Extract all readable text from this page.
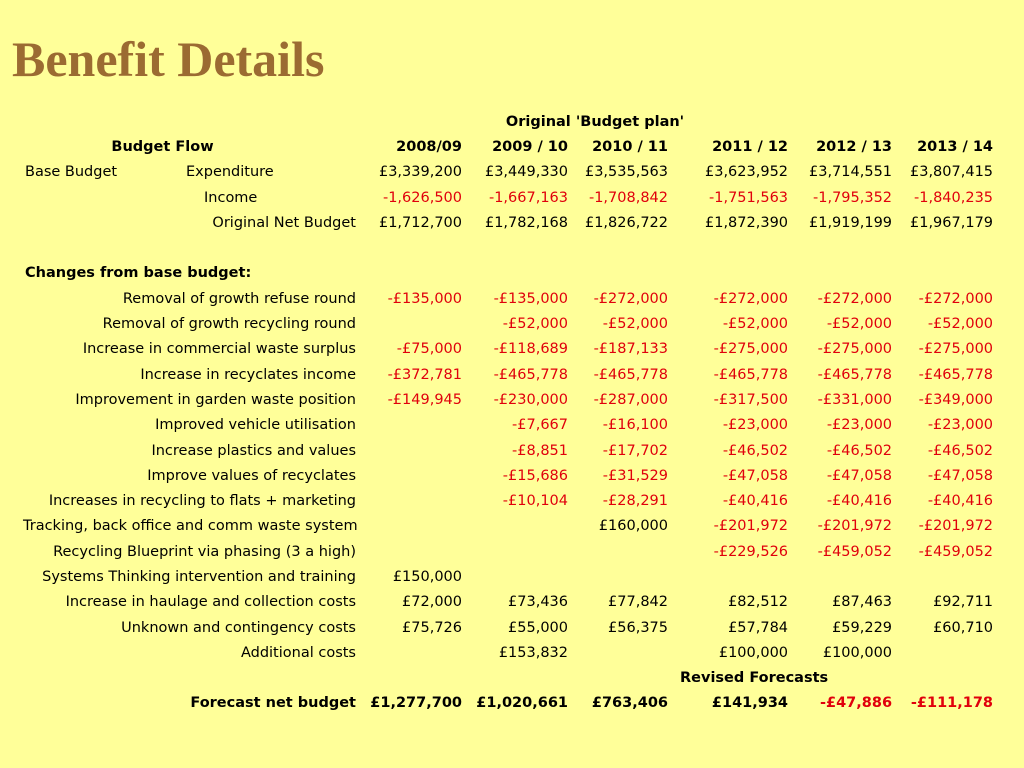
Benefit Details
		Original 'Budget plan'					
Budget Flow		2008/09	2009 / 10	2010 / 11	2011 / 12	2012 / 13	2013 / 14
Base Budget	Expenditure	£3,339,200	£3,449,330	£3,535,563	£3,623,952	£3,714,551	£3,807,415
	Income	-1,626,500	-1,667,163	-1,708,842	-1,751,563	-1,795,352	-1,840,235
Original Net Budget		£1,712,700	£1,782,168	£1,826,722	£1,872,390	£1,919,199	£1,967,179

Changes from base budget:							
Removal of growth refuse round		-£135,000	-£135,000	-£272,000	-£272,000	-£272,000	-£272,000
Removal of growth recycling round			-£52,000	-£52,000	-£52,000	-£52,000	-£52,000
Increase in commercial waste surplus		-£75,000	-£118,689	-£187,133	-£275,000	-£275,000	-£275,000
Increase in recyclates income		-£372,781	-£465,778	-£465,778	-£465,778	-£465,778	-£465,778
Improvement in garden waste position		-£149,945	-£230,000	-£287,000	-£317,500	-£331,000	-£349,000
Improved vehicle utilisation			-£7,667	-£16,100	-£23,000	-£23,000	-£23,000
Increase plastics and values			-£8,851	-£17,702	-£46,502	-£46,502	-£46,502
Improve values of recyclates			-£15,686	-£31,529	-£47,058	-£47,058	-£47,058
Increases in recycling to flats + marketing			-£10,104	-£28,291	-£40,416	-£40,416	-£40,416
Tracking, back office and comm waste system				£160,000	-£201,972	-£201,972	-£201,972
Recycling Blueprint via phasing (3 a high)					-£229,526	-£459,052	-£459,052
Systems Thinking intervention and training		£150,000					
Increase in haulage and collection costs		£72,000	£73,436	£77,842	£82,512	£87,463	£92,711
Unknown and contingency costs		£75,726	£55,000	£56,375	£57,784	£59,229	£60,710
Additional costs			£153,832		£100,000	£100,000	
					Revised Forecasts		
Forecast net budget		£1,277,700	£1,020,661	£763,406	£141,934	-£47,886	-£111,178
